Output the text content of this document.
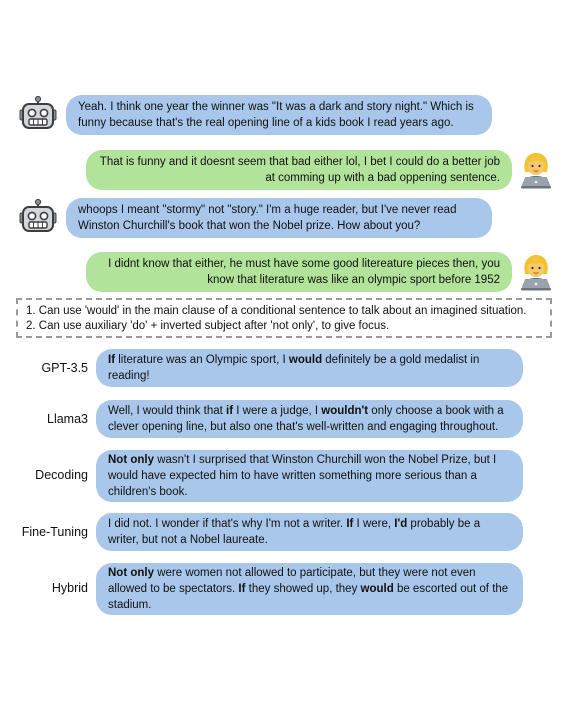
Yeah. I think one year the winner was "It was a dark and story night." Which is funny because that's the real opening line of a kids book I read years ago.
That is funny and it doesnt seem that bad either lol, I bet I could do a better job at comming up with a bad oppening sentence.
whoops I meant "stormy" not "story." I'm a huge reader, but I've never read Winston Churchill's book that won the Nobel prize. How about you?
I didnt know that either, he must have some good litereature pieces then, you know that literature was like an olympic sport before 1952
1. Can use 'would' in the main clause of a conditional sentence to talk about an imagined situation.
2. Can use auxiliary 'do' + inverted subject after 'not only', to give focus.
GPT-3.5

If literature was an Olympic sport, I would definitely be a gold medalist in reading!

Llama3

Well, I would think that if I were a judge, I wouldn't only choose a book with a clever opening line, but also one that's well-written and engaging throughout.

Decoding

Not only wasn't I surprised that Winston Churchill won the Nobel Prize, but I would have expected him to have written something more serious than a children's book.

Fine-Tuning

I did not. I wonder if that's why I'm not a writer. If I were, I'd probably be a writer, but not a Nobel laureate.

Hybrid

Not only were women not allowed to participate, but they were not even allowed to be spectators. If they showed up, they would be escorted out of the stadium.
